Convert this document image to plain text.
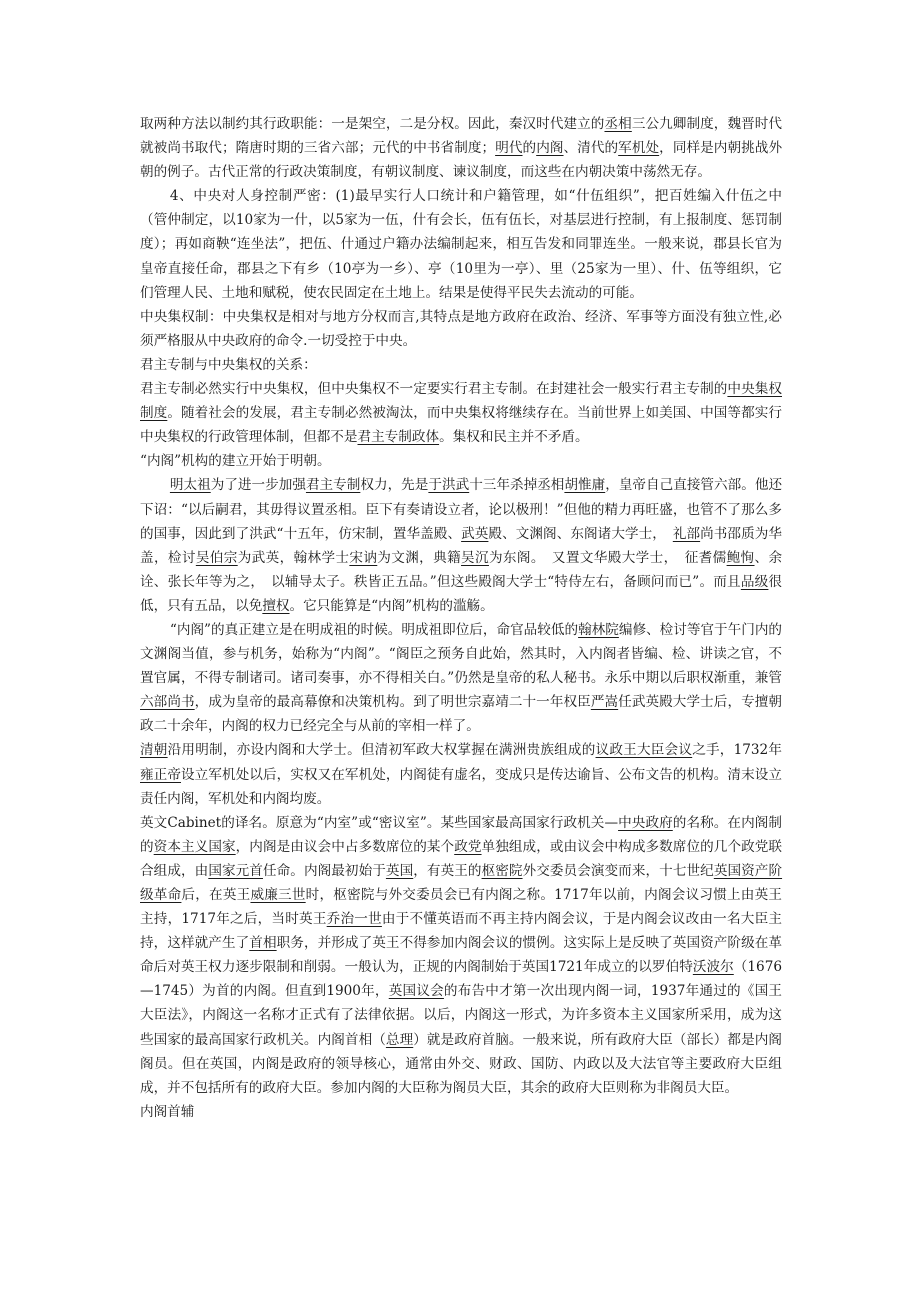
取两种方法以制约其行政职能：一是架空，二是分权。因此，秦汉时代建立的丞相三公九卿制度，魏晋时代就被尚书取代；隋唐时期的三省六部；元代的中书省制度；明代的内阁、清代的军机处，同样是内朝挑战外朝的例子。古代正常的行政决策制度，有朝议制度、谏议制度，而这些在内朝决策中荡然无存。

4、中央对人身控制严密：(1)最早实行人口统计和户籍管理，如“什伍组织”，把百姓编入什伍之中（管仲制定，以10家为一什，以5家为一伍，什有会长，伍有伍长，对基层进行控制，有上报制度、惩罚制度）；再如商鞅“连坐法”，把伍、什通过户籍办法编制起来，相互告发和同罪连坐。一般来说，郡县长官为皇帝直接任命，郡县之下有乡（10亭为一乡）、亭（10里为一亭）、里（25家为一里）、什、伍等组织，它们管理人民、土地和赋税，使农民固定在土地上。结果是使得平民失去流动的可能。

中央集权制：中央集权是相对与地方分权而言,其特点是地方政府在政治、经济、军事等方面没有独立性,必须严格服从中央政府的命令.一切受控于中央。

君主专制与中央集权的关系：

君主专制必然实行中央集权，但中央集权不一定要实行君主专制。在封建社会一般实行君主专制的中央集权制度。随着社会的发展，君主专制必然被淘汰，而中央集权将继续存在。当前世界上如美国、中国等都实行中央集权的行政管理体制，但都不是君主专制政体。集权和民主并不矛盾。

“内阁”机构的建立开始于明朝。

明太祖为了进一步加强君主专制权力，先是于洪武十三年杀掉丞相胡惟庸，皇帝自己直接管六部。他还下诏：“以后嗣君，其毋得议置丞相。臣下有奏请设立者，论以极刑！”但他的精力再旺盛，也管不了那么多的国事，因此到了洪武“十五年，仿宋制，置华盖殿、武英殿、文渊阁、东阁诸大学士，　礼部尚书邵质为华盖，检讨吴伯宗为武英，翰林学士宋讷为文渊，典籍吴沉为东阁。　又置文华殿大学士，　征耆儒鲍恂、余诠、张长年等为之，　以辅导太子。秩皆正五品。”但这些殿阁大学士“特侍左右，备顾问而已”。而且品级很低，只有五品，以免擅权。它只能算是“内阁”机构的滥觞。

“内阁”的真正建立是在明成祖的时候。明成祖即位后，命官品较低的翰林院编修、检讨等官于午门内的文渊阁当值，参与机务，始称为“内阁”。“阁臣之预务自此始，然其时，入内阁者皆编、检、讲读之官，不置官属，不得专制诸司。诸司奏事，亦不得相关白。”仍然是皇帝的私人秘书。永乐中期以后职权渐重，兼管六部尚书，成为皇帝的最高幕僚和决策机构。到了明世宗嘉靖二十一年权臣严嵩任武英殿大学士后，专擅朝政二十余年，内阁的权力已经完全与从前的宰相一样了。

清朝沿用明制，亦设内阁和大学士。但清初军政大权掌握在满洲贵族组成的议政王大臣会议之手，1732年雍正帝设立军机处以后，实权又在军机处，内阁徒有虚名，变成只是传达谕旨、公布文告的机构。清末设立责任内阁，军机处和内阁均废。

英文Cabinet的译名。原意为“内室”或“密议室”。某些国家最高国家行政机关—中央政府的名称。在内阁制的资本主义国家，内阁是由议会中占多数席位的某个政党单独组成，或由议会中构成多数席位的几个政党联合组成，由国家元首任命。内阁最初始于英国，有英王的枢密院外交委员会演变而来，十七世纪英国资产阶级革命后，在英王威廉三世时，枢密院与外交委员会已有内阁之称。1717年以前，内阁会议习惯上由英王主持，1717年之后，当时英王乔治一世由于不懂英语而不再主持内阁会议，于是内阁会议改由一名大臣主持，这样就产生了首相职务，并形成了英王不得参加内阁会议的惯例。这实际上是反映了英国资产阶级在革命后对英王权力逐步限制和削弱。一般认为，正规的内阁制始于英国1721年成立的以罗伯特沃波尔（1676—1745）为首的内阁。但直到1900年，英国议会的布告中才第一次出现内阁一词，1937年通过的《国王大臣法》，内阁这一名称才正式有了法律依据。以后，内阁这一形式，为许多资本主义国家所采用，成为这些国家的最高国家行政机关。内阁首相（总理）就是政府首脑。一般来说，所有政府大臣（部长）都是内阁阁员。但在英国，内阁是政府的领导核心，通常由外交、财政、国防、内政以及大法官等主要政府大臣组成，并不包括所有的政府大臣。参加内阁的大臣称为阁员大臣，其余的政府大臣则称为非阁员大臣。

内阁首辅
